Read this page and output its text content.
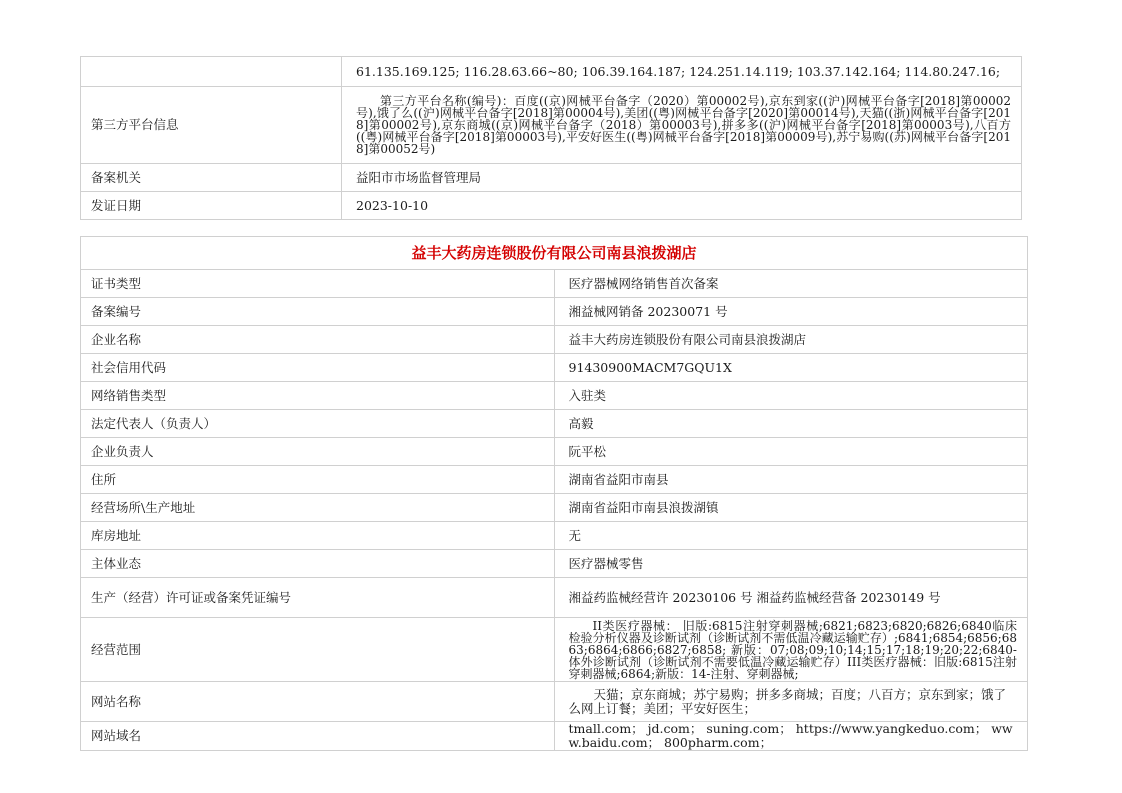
	61.135.169.125; 116.28.63.66~80; 106.39.164.187; 124.251.14.119; 103.37.142.164; 114.80.247.16;
第三方平台信息	第三方平台名称(编号)：百度((京)网械平台备字（2020）第00002号),京东到家((沪)网械平台备字[2018]第00002号),饿了么((沪)网械平台备字[2018]第00004号),美团((粤)网械平台备字[2020]第00014号),天猫((浙)网械平台备字[2018]第00002号),京东商城((京)网械平台备字（2018）第00003号),拼多多((沪)网械平台备字[2018]第00003号),八百方((粤)网械平台备字[2018]第00003号),平安好医生((粤)网械平台备字[2018]第00009号),苏宁易购((苏)网械平台备字[2018]第00052号)
备案机关	益阳市市场监督管理局
发证日期	2023-10-10
益丰大药房连锁股份有限公司南县浪拨湖店	
证书类型	医疗器械网络销售首次备案
备案编号	湘益械网销备 20230071 号
企业名称	益丰大药房连锁股份有限公司南县浪拨湖店
社会信用代码	91430900MACM7GQU1X
网络销售类型	入驻类
法定代表人（负责人）	高毅
企业负责人	阮平松
住所	湖南省益阳市南县
经营场所\生产地址	湖南省益阳市南县浪拨湖镇
库房地址	无
主体业态	医疗器械零售
生产（经营）许可证或备案凭证编号	湘益药监械经营许 20230106 号 湘益药监械经营备 20230149 号
经营范围	II类医疗器械： 旧版:6815注射穿刺器械;6821;6823;6820;6826;6840临床检验分析仪器及诊断试剂（诊断试剂不需低温冷藏运输贮存）;6841;6854;6856;6863;6864;6866;6827;6858; 新版：07;08;09;10;14;15;17;18;19;20;22;6840-体外诊断试剂（诊断试剂不需要低温冷藏运输贮存）III类医疗器械：旧版:6815注射穿刺器械;6864;新版：14-注射、穿刺器械;
网站名称	天猫；京东商城；苏宁易购；拼多多商城；百度；八百方；京东到家；饿了么网上订餐；美团；平安好医生；
网站域名	tmall.com； jd.com； suning.com； https://www.yangkeduo.com； www.baidu.com； 800pharm.com；
